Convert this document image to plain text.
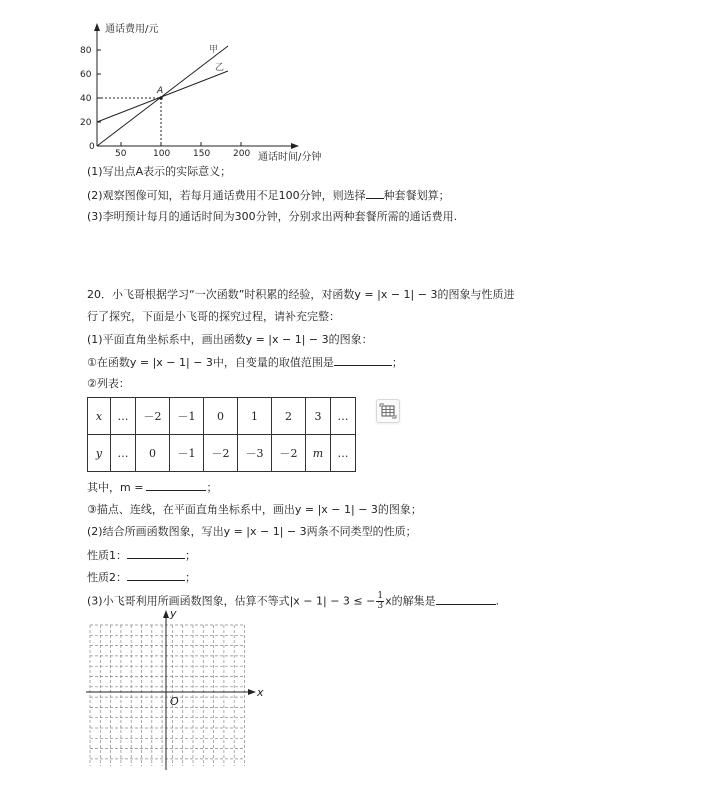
通话费用/元
通话时间/分钟
80
60
40
20
0
50	100	150	200
A
甲
乙
(1)写出点A表示的实际意义；
(2)观察图像可知，若每月通话费用不足100分钟，则选择 种套餐划算；
(3)李明预计每月的通话时间为300分钟，分别求出两种套餐所需的通话费用.
20．小飞哥根据学习“一次函数”时积累的经验，对函数y = |x − 1| − 3的图象与性质进
行了探究，下面是小飞哥的探究过程，请补充完整：
(1)平面直角坐标系中，画出函数y = |x − 1| − 3的图象：
①在函数y = |x − 1| − 3中，自变量的取值范围是	；
②列表：
x	…	－2	－1	0	1	2	3	…
y	…	0	－1	－2	－3	－2	m	…
其中，m =	；
③描点、连线，在平面直角坐标系中，画出y = |x − 1| − 3的图象；
(2)结合所画函数图象，写出y = |x − 1| − 3两条不同类型的性质；
性质1：	；
性质2：	；
(3)小飞哥利用所画函数图象，估算不等式|x − 1| − 3 ≤ − $\frac{1}{3}$ x的解集是	.
x
y
O
